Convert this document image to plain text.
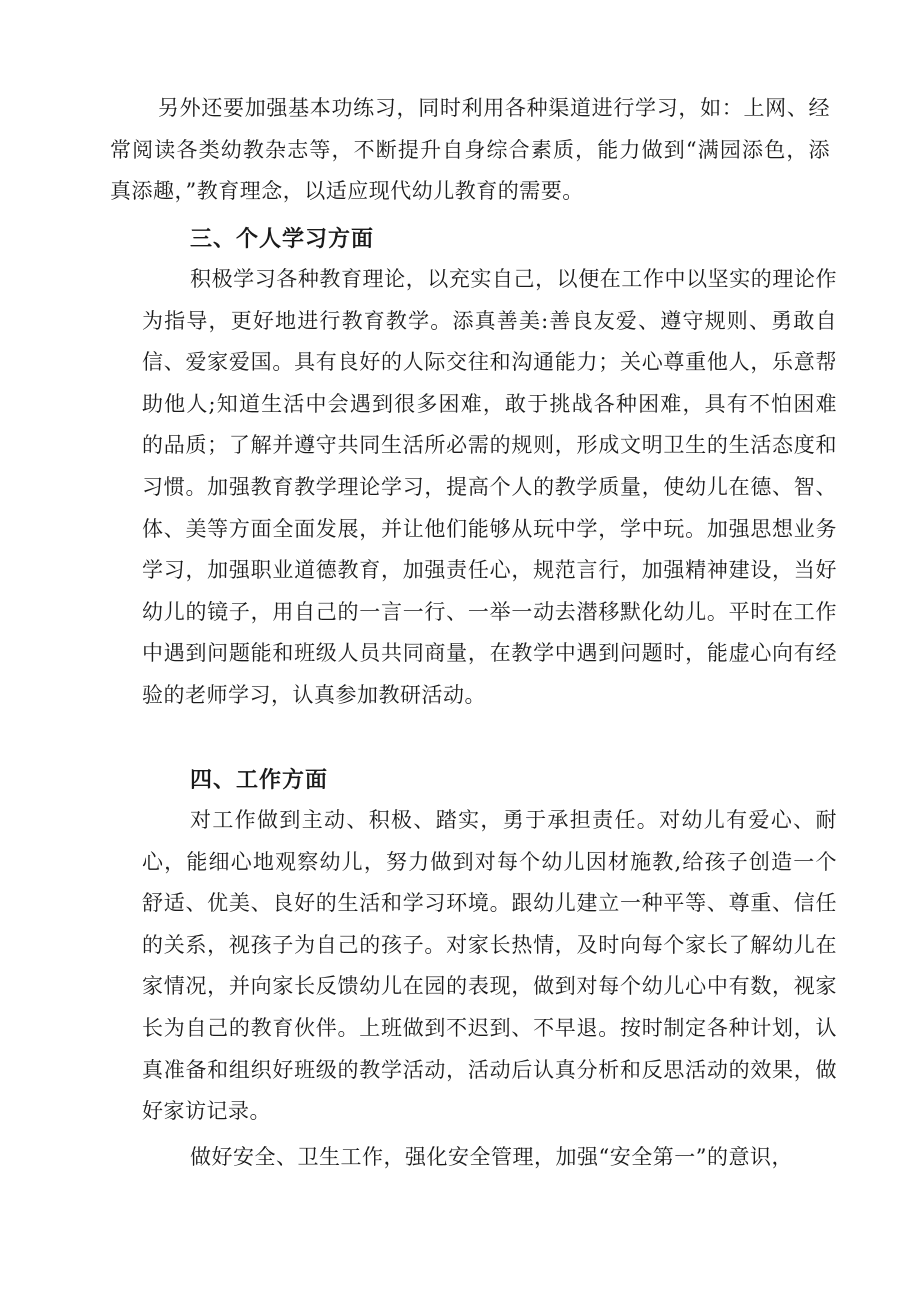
另外还要加强基本功练习，同时利用各种渠道进行学习，如：上网、经常阅读各类幼教杂志等，不断提升自身综合素质，能力做到“满园添色，添真添趣，”教育理念，以适应现代幼儿教育的需要。

三、个人学习方面

积极学习各种教育理论，以充实自己，以便在工作中以坚实的理论作为指导，更好地进行教育教学。添真善美:善良友爱、遵守规则、勇敢自信、爱家爱国。具有良好的人际交往和沟通能力；关心尊重他人，乐意帮助他人;知道生活中会遇到很多困难，敢于挑战各种困难，具有不怕困难的品质；了解并遵守共同生活所必需的规则，形成文明卫生的生活态度和习惯。加强教育教学理论学习，提高个人的教学质量，使幼儿在德、智、体、美等方面全面发展，并让他们能够从玩中学，学中玩。加强思想业务学习，加强职业道德教育，加强责任心，规范言行，加强精神建设，当好幼儿的镜子，用自己的一言一行、一举一动去潜移默化幼儿。平时在工作中遇到问题能和班级人员共同商量，在教学中遇到问题时，能虚心向有经验的老师学习，认真参加教研活动。

四、工作方面

对工作做到主动、积极、踏实，勇于承担责任。对幼儿有爱心、耐心，能细心地观察幼儿，努力做到对每个幼儿因材施教,给孩子创造一个舒适、优美、良好的生活和学习环境。跟幼儿建立一种平等、尊重、信任的关系，视孩子为自己的孩子。对家长热情，及时向每个家长了解幼儿在家情况，并向家长反馈幼儿在园的表现，做到对每个幼儿心中有数，视家长为自己的教育伙伴。上班做到不迟到、不早退。按时制定各种计划，认真准备和组织好班级的教学活动，活动后认真分析和反思活动的效果，做好家访记录。

做好安全、卫生工作，强化安全管理，加强“安全第一”的意识，
